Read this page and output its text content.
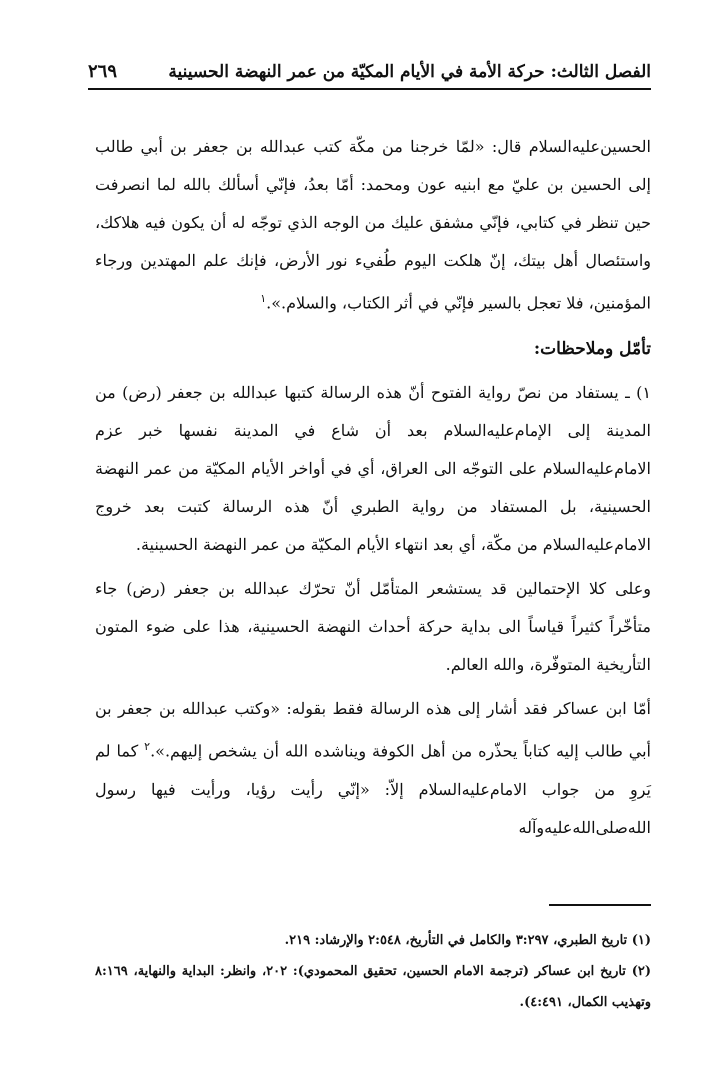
الفصل الثالث: حركة الأمة في الأيام المكيّة من عمر النهضة الحسينية
٢٦٩

الحسين‌عليه‌السلام قال: «لمّا خرجنا من مكّة كتب عبدالله بن جعفر بن أبي طالب إلى الحسين بن عليّ مع ابنيه عون ومحمد: أمّا بعدُ، فإنّي أسألك بالله لما انصرفت حين تنظر في كتابي، فإنّي مشفق عليك من الوجه الذي توجّه له أن يكون فيه هلاكك، واستئصال أهل بيتك، إنّ هلكت اليوم طُفيء نور الأرض، فإنك علم المهتدين ورجاء المؤمنين، فلا تعجل بالسير فإنّي في أثر الكتاب، والسلام.».$^١$

تأمّل وملاحظات:

١) ـ يستفاد من نصّ رواية الفتوح أنّ هذه الرسالة كتبها عبدالله بن جعفر (رض) من المدينة إلى الإمام‌عليه‌السلام بعد أن شاع في المدينة نفسها خبر عزم الامام‌عليه‌السلام على التوجّه الى العراق، أي في أواخر الأيام المكيّة من عمر النهضة الحسينية، بل المستفاد من رواية الطبري أنّ هذه الرسالة كتبت بعد خروج الامام‌عليه‌السلام من مكّة، أي بعد انتهاء الأيام المكيّة من عمر النهضة الحسينية.

وعلى كلا الإحتمالين قد يستشعر المتأمّل أنّ تحرّك عبدالله بن جعفر (رض) جاء متأخّراً كثيراً قياساً الى بداية حركة أحداث النهضة الحسينية، هذا على ضوء المتون التأريخية المتوفّرة، والله العالم.

أمّا ابن عساكر فقد أشار إلى هذه الرسالة فقط بقوله: «وكتب عبدالله بن جعفر بن أبي طالب إليه كتاباً يحذّره من أهل الكوفة ويناشده الله أن يشخص إليهم.».$^٢$ كما لم يَروِ من جواب الامام‌عليه‌السلام إلاّ: «إنّي رأيت رؤيا، ورأيت فيها رسول الله‌صلى‌الله‌عليه‌وآله

(١) تاريخ الطبري، ٣:٢٩٧ والكامل في التأريخ، ٢:٥٤٨ والإرشاد: ٢١٩.

(٢) تاريخ ابن عساكر (ترجمة الامام الحسين، تحقيق المحمودي): ٢٠٢، وانظر: البداية والنهاية، ٨:١٦٩ وتهذيب الكمال، ٤:٤٩١).
